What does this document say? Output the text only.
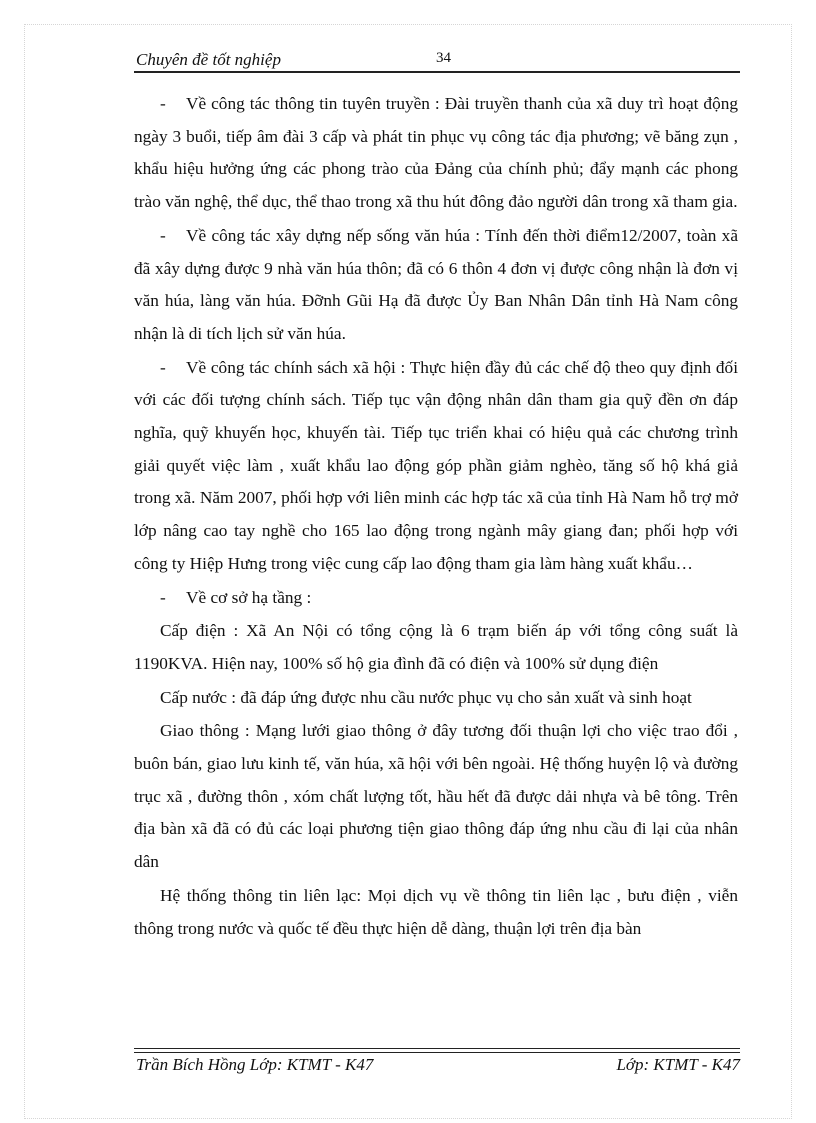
Chuyên đề tốt nghiệp	34

- Về công tác thông tin tuyên truyền : Đài truyền thanh của xã duy trì hoạt động ngày 3 buổi, tiếp âm đài 3 cấp và phát tin phục vụ công tác địa phương; vẽ băng zụn , khẩu hiệu hưởng ứng các phong trào của Đảng của chính phủ; đẩy mạnh các phong trào văn nghệ, thể dục, thể thao trong xã thu hút đông đảo người dân trong xã tham gia.

- Về công tác xây dựng nếp sống văn húa : Tính đến thời điểm12/2007, toàn xã đã xây dựng được 9 nhà văn húa thôn; đã có 6 thôn 4 đơn vị được công nhận là đơn vị văn húa, làng văn húa. Đỡnh Gũi Hạ đã được Ủy Ban Nhân Dân tỉnh Hà Nam công nhận là di tích lịch sử văn húa.

- Về công tác chính sách xã hội : Thực hiện đầy đủ các chế độ theo quy định đối với các đối tượng chính sách. Tiếp tục vận động nhân dân tham gia quỹ đền ơn đáp nghĩa, quỹ khuyến học, khuyến tài. Tiếp tục triển khai có hiệu quả các chương trình giải quyết việc làm , xuất khẩu lao động góp phần giảm nghèo, tăng số hộ khá giả trong xã. Năm 2007, phối hợp với liên minh các hợp tác xã của tỉnh Hà Nam hỗ trợ mở lớp nâng cao tay nghề cho 165 lao động trong ngành mây giang đan; phối hợp với công ty Hiệp Hưng trong việc cung cấp lao động tham gia làm hàng xuất khẩu…

- Về cơ sở hạ tầng :

Cấp điện : Xã An Nội có tổng cộng là 6 trạm biến áp với tổng công suất là 1190KVA. Hiện nay, 100% số hộ gia đình đã có điện và 100% sử dụng điện

Cấp nước : đã đáp ứng được nhu cầu nước phục vụ cho sản xuất và sinh hoạt

Giao thông : Mạng lưới giao thông ở đây tương đối thuận lợi cho việc trao đổi , buôn bán, giao lưu kinh tế, văn húa, xã hội với bên ngoài. Hệ thống huyện lộ và đường trục xã , đường thôn , xóm chất lượng tốt, hầu hết đã được dải nhựa và bê tông. Trên địa bàn xã đã có đủ các loại phương tiện giao thông đáp ứng nhu cầu đi lại của nhân dân

Hệ thống thông tin liên lạc: Mọi dịch vụ về thông tin liên lạc , bưu điện , viễn thông trong nước và quốc tế đều thực hiện dễ dàng, thuận lợi trên địa bàn

Trần Bích Hồng Lớp: KTMT - K47	Lớp: KTMT - K47
